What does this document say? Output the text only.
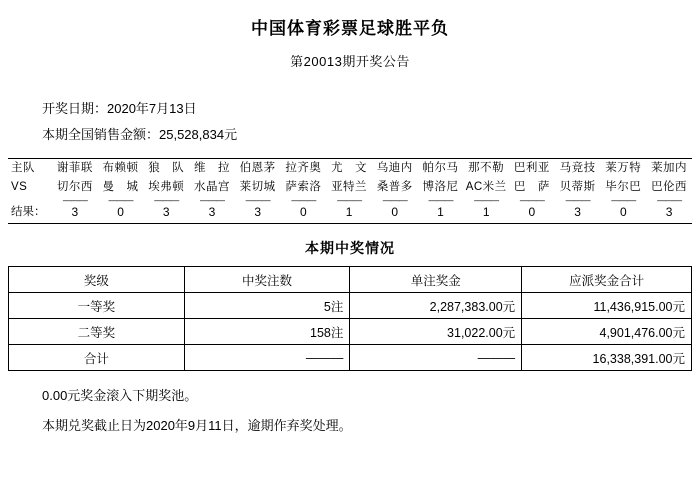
中国体育彩票足球胜平负
第20013期开奖公告
开奖日期：2020年7月13日
本期全国销售金额：25,528,834元
主队	谢菲联	布赖顿	狼　队	维　拉	伯恩茅	拉齐奥	尤　文	乌迪内	帕尔马	那不勒	巴利亚	马竞技	莱万特	莱加内
VS	切尔西	曼　城	埃弗顿	水晶宫	莱切城	萨索洛	亚特兰	桑普多	博洛尼	AC米兰	巴　萨	贝蒂斯	毕尔巴	巴伦西
	———	———	———	———	———	———	———	———	———	———	———	———	———	———
结果：	3	0	3	3	3	0	1	0	1	1	0	3	0	3
本期中奖情况
奖级	中奖注数	单注奖金	应派奖金合计
一等奖	5注	2,287,383.00元	11,436,915.00元
二等奖	158注	31,022.00元	4,901,476.00元
合计	———	———	16,338,391.00元
0.00元奖金滚入下期奖池。
本期兑奖截止日为2020年9月11日，逾期作弃奖处理。
